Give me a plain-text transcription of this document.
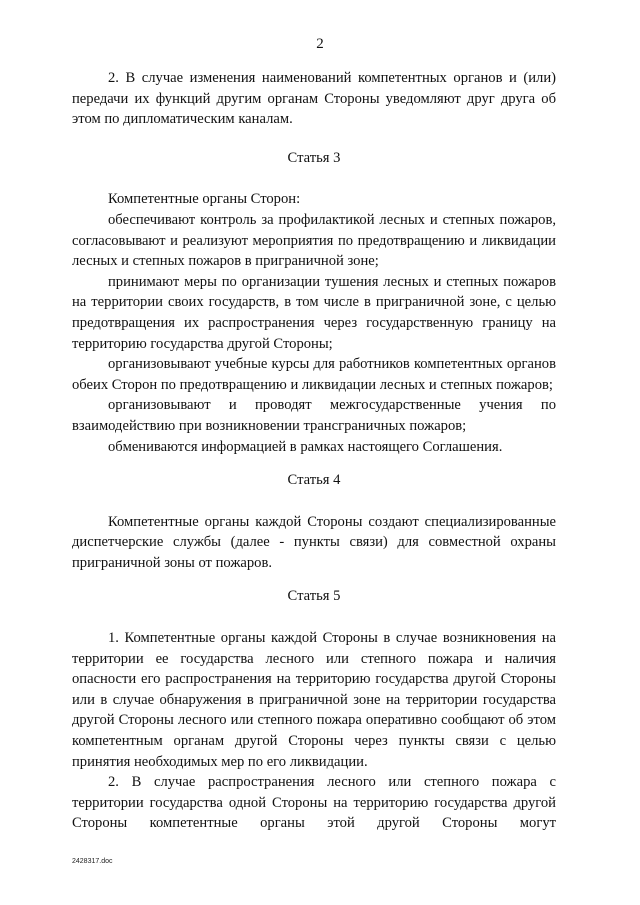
2

2. В случае изменения наименований компетентных органов и (или) передачи их функций другим органам Стороны уведомляют друг друга об этом по дипломатическим каналам.

Статья 3

Компетентные органы Сторон:

обеспечивают контроль за профилактикой лесных и степных пожаров, согласовывают и реализуют мероприятия по предотвращению и ликвидации лесных и степных пожаров в приграничной зоне;

принимают меры по организации тушения лесных и степных пожаров на территории своих государств, в том числе в приграничной зоне, с целью предотвращения их распространения через государственную границу на территорию государства другой Стороны;

организовывают учебные курсы для работников компетентных органов обеих Сторон по предотвращению и ликвидации лесных и степных пожаров;

организовывают и проводят межгосударственные учения по взаимодействию при возникновении трансграничных пожаров;

обмениваются информацией в рамках настоящего Соглашения.

Статья 4

Компетентные органы каждой Стороны создают специализированные диспетчерские службы (далее - пункты связи) для совместной охраны приграничной зоны от пожаров.

Статья 5

1. Компетентные органы каждой Стороны в случае возникновения на территории ее государства лесного или степного пожара и наличия опасности его распространения на территорию государства другой Стороны или в случае обнаружения в приграничной зоне на территории государства другой Стороны лесного или степного пожара оперативно сообщают об этом компетентным органам другой Стороны через пункты связи с целью принятия необходимых мер по его ликвидации.

2. В случае распространения лесного или степного пожара с территории государства одной Стороны на территорию государства другой Стороны компетентные органы этой другой Стороны могут

2428317.doc
